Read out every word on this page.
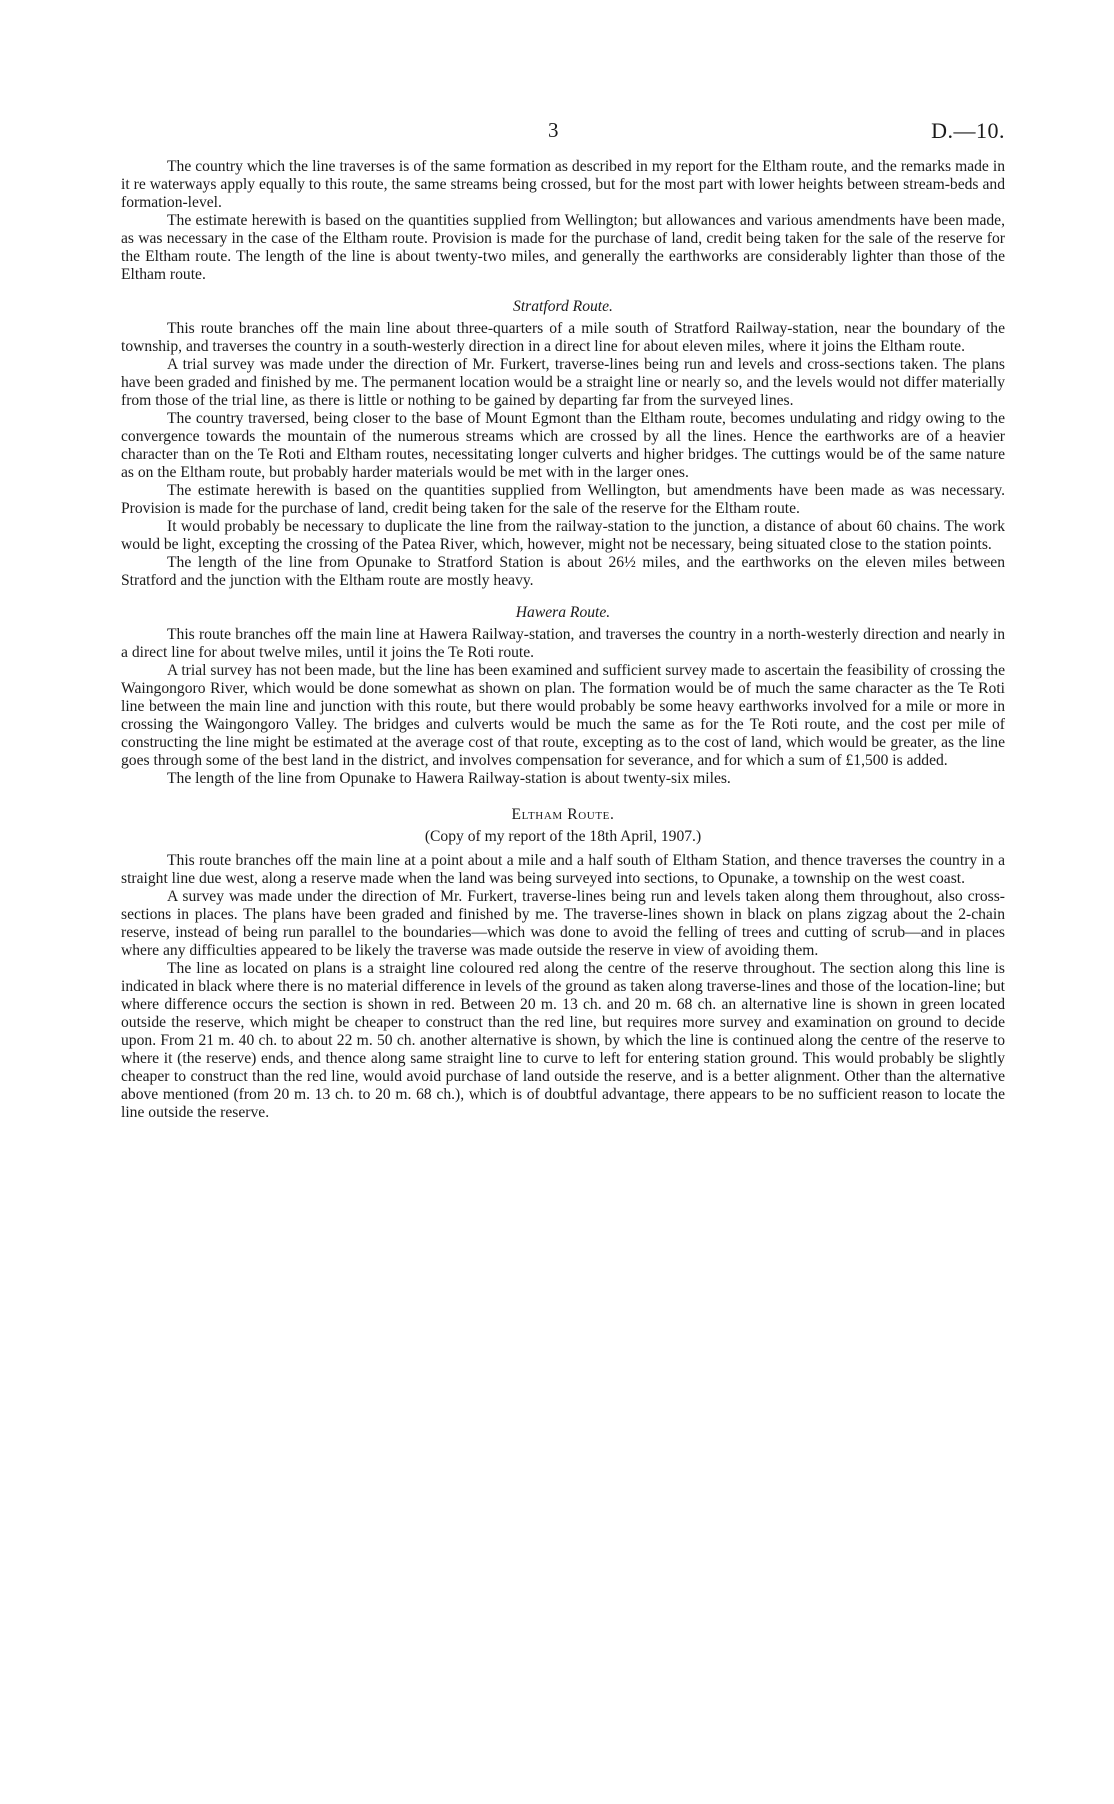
3	D.—10.

The country which the line traverses is of the same formation as described in my report for the Eltham route, and the remarks made in it re waterways apply equally to this route, the same streams being crossed, but for the most part with lower heights between stream-beds and formation-level.

The estimate herewith is based on the quantities supplied from Wellington; but allowances and various amendments have been made, as was necessary in the case of the Eltham route. Provision is made for the purchase of land, credit being taken for the sale of the reserve for the Eltham route. The length of the line is about twenty-two miles, and generally the earthworks are considerably lighter than those of the Eltham route.

Stratford Route.

This route branches off the main line about three-quarters of a mile south of Stratford Railway-station, near the boundary of the township, and traverses the country in a south-westerly direction in a direct line for about eleven miles, where it joins the Eltham route.

A trial survey was made under the direction of Mr. Furkert, traverse-lines being run and levels and cross-sections taken. The plans have been graded and finished by me. The permanent location would be a straight line or nearly so, and the levels would not differ materially from those of the trial line, as there is little or nothing to be gained by departing far from the surveyed lines.

The country traversed, being closer to the base of Mount Egmont than the Eltham route, becomes undulating and ridgy owing to the convergence towards the mountain of the numerous streams which are crossed by all the lines. Hence the earthworks are of a heavier character than on the Te Roti and Eltham routes, necessitating longer culverts and higher bridges. The cuttings would be of the same nature as on the Eltham route, but probably harder materials would be met with in the larger ones.

The estimate herewith is based on the quantities supplied from Wellington, but amendments have been made as was necessary. Provision is made for the purchase of land, credit being taken for the sale of the reserve for the Eltham route.

It would probably be necessary to duplicate the line from the railway-station to the junction, a distance of about 60 chains. The work would be light, excepting the crossing of the Patea River, which, however, might not be necessary, being situated close to the station points.

The length of the line from Opunake to Stratford Station is about 26½ miles, and the earthworks on the eleven miles between Stratford and the junction with the Eltham route are mostly heavy.

Hawera Route.

This route branches off the main line at Hawera Railway-station, and traverses the country in a north-westerly direction and nearly in a direct line for about twelve miles, until it joins the Te Roti route.

A trial survey has not been made, but the line has been examined and sufficient survey made to ascertain the feasibility of crossing the Waingongoro River, which would be done somewhat as shown on plan. The formation would be of much the same character as the Te Roti line between the main line and junction with this route, but there would probably be some heavy earthworks involved for a mile or more in crossing the Waingongoro Valley. The bridges and culverts would be much the same as for the Te Roti route, and the cost per mile of constructing the line might be estimated at the average cost of that route, excepting as to the cost of land, which would be greater, as the line goes through some of the best land in the district, and involves compensation for severance, and for which a sum of £1,500 is added.

The length of the line from Opunake to Hawera Railway-station is about twenty-six miles.

Eltham Route.
(Copy of my report of the 18th April, 1907.)

This route branches off the main line at a point about a mile and a half south of Eltham Station, and thence traverses the country in a straight line due west, along a reserve made when the land was being surveyed into sections, to Opunake, a township on the west coast.

A survey was made under the direction of Mr. Furkert, traverse-lines being run and levels taken along them throughout, also cross-sections in places. The plans have been graded and finished by me. The traverse-lines shown in black on plans zigzag about the 2-chain reserve, instead of being run parallel to the boundaries—which was done to avoid the felling of trees and cutting of scrub—and in places where any difficulties appeared to be likely the traverse was made outside the reserve in view of avoiding them.

The line as located on plans is a straight line coloured red along the centre of the reserve throughout. The section along this line is indicated in black where there is no material difference in levels of the ground as taken along traverse-lines and those of the location-line; but where difference occurs the section is shown in red. Between 20 m. 13 ch. and 20 m. 68 ch. an alternative line is shown in green located outside the reserve, which might be cheaper to construct than the red line, but requires more survey and examination on ground to decide upon. From 21 m. 40 ch. to about 22 m. 50 ch. another alternative is shown, by which the line is continued along the centre of the reserve to where it (the reserve) ends, and thence along same straight line to curve to left for entering station ground. This would probably be slightly cheaper to construct than the red line, would avoid purchase of land outside the reserve, and is a better alignment. Other than the alternative above mentioned (from 20 m. 13 ch. to 20 m. 68 ch.), which is of doubtful advantage, there appears to be no sufficient reason to locate the line outside the reserve.
